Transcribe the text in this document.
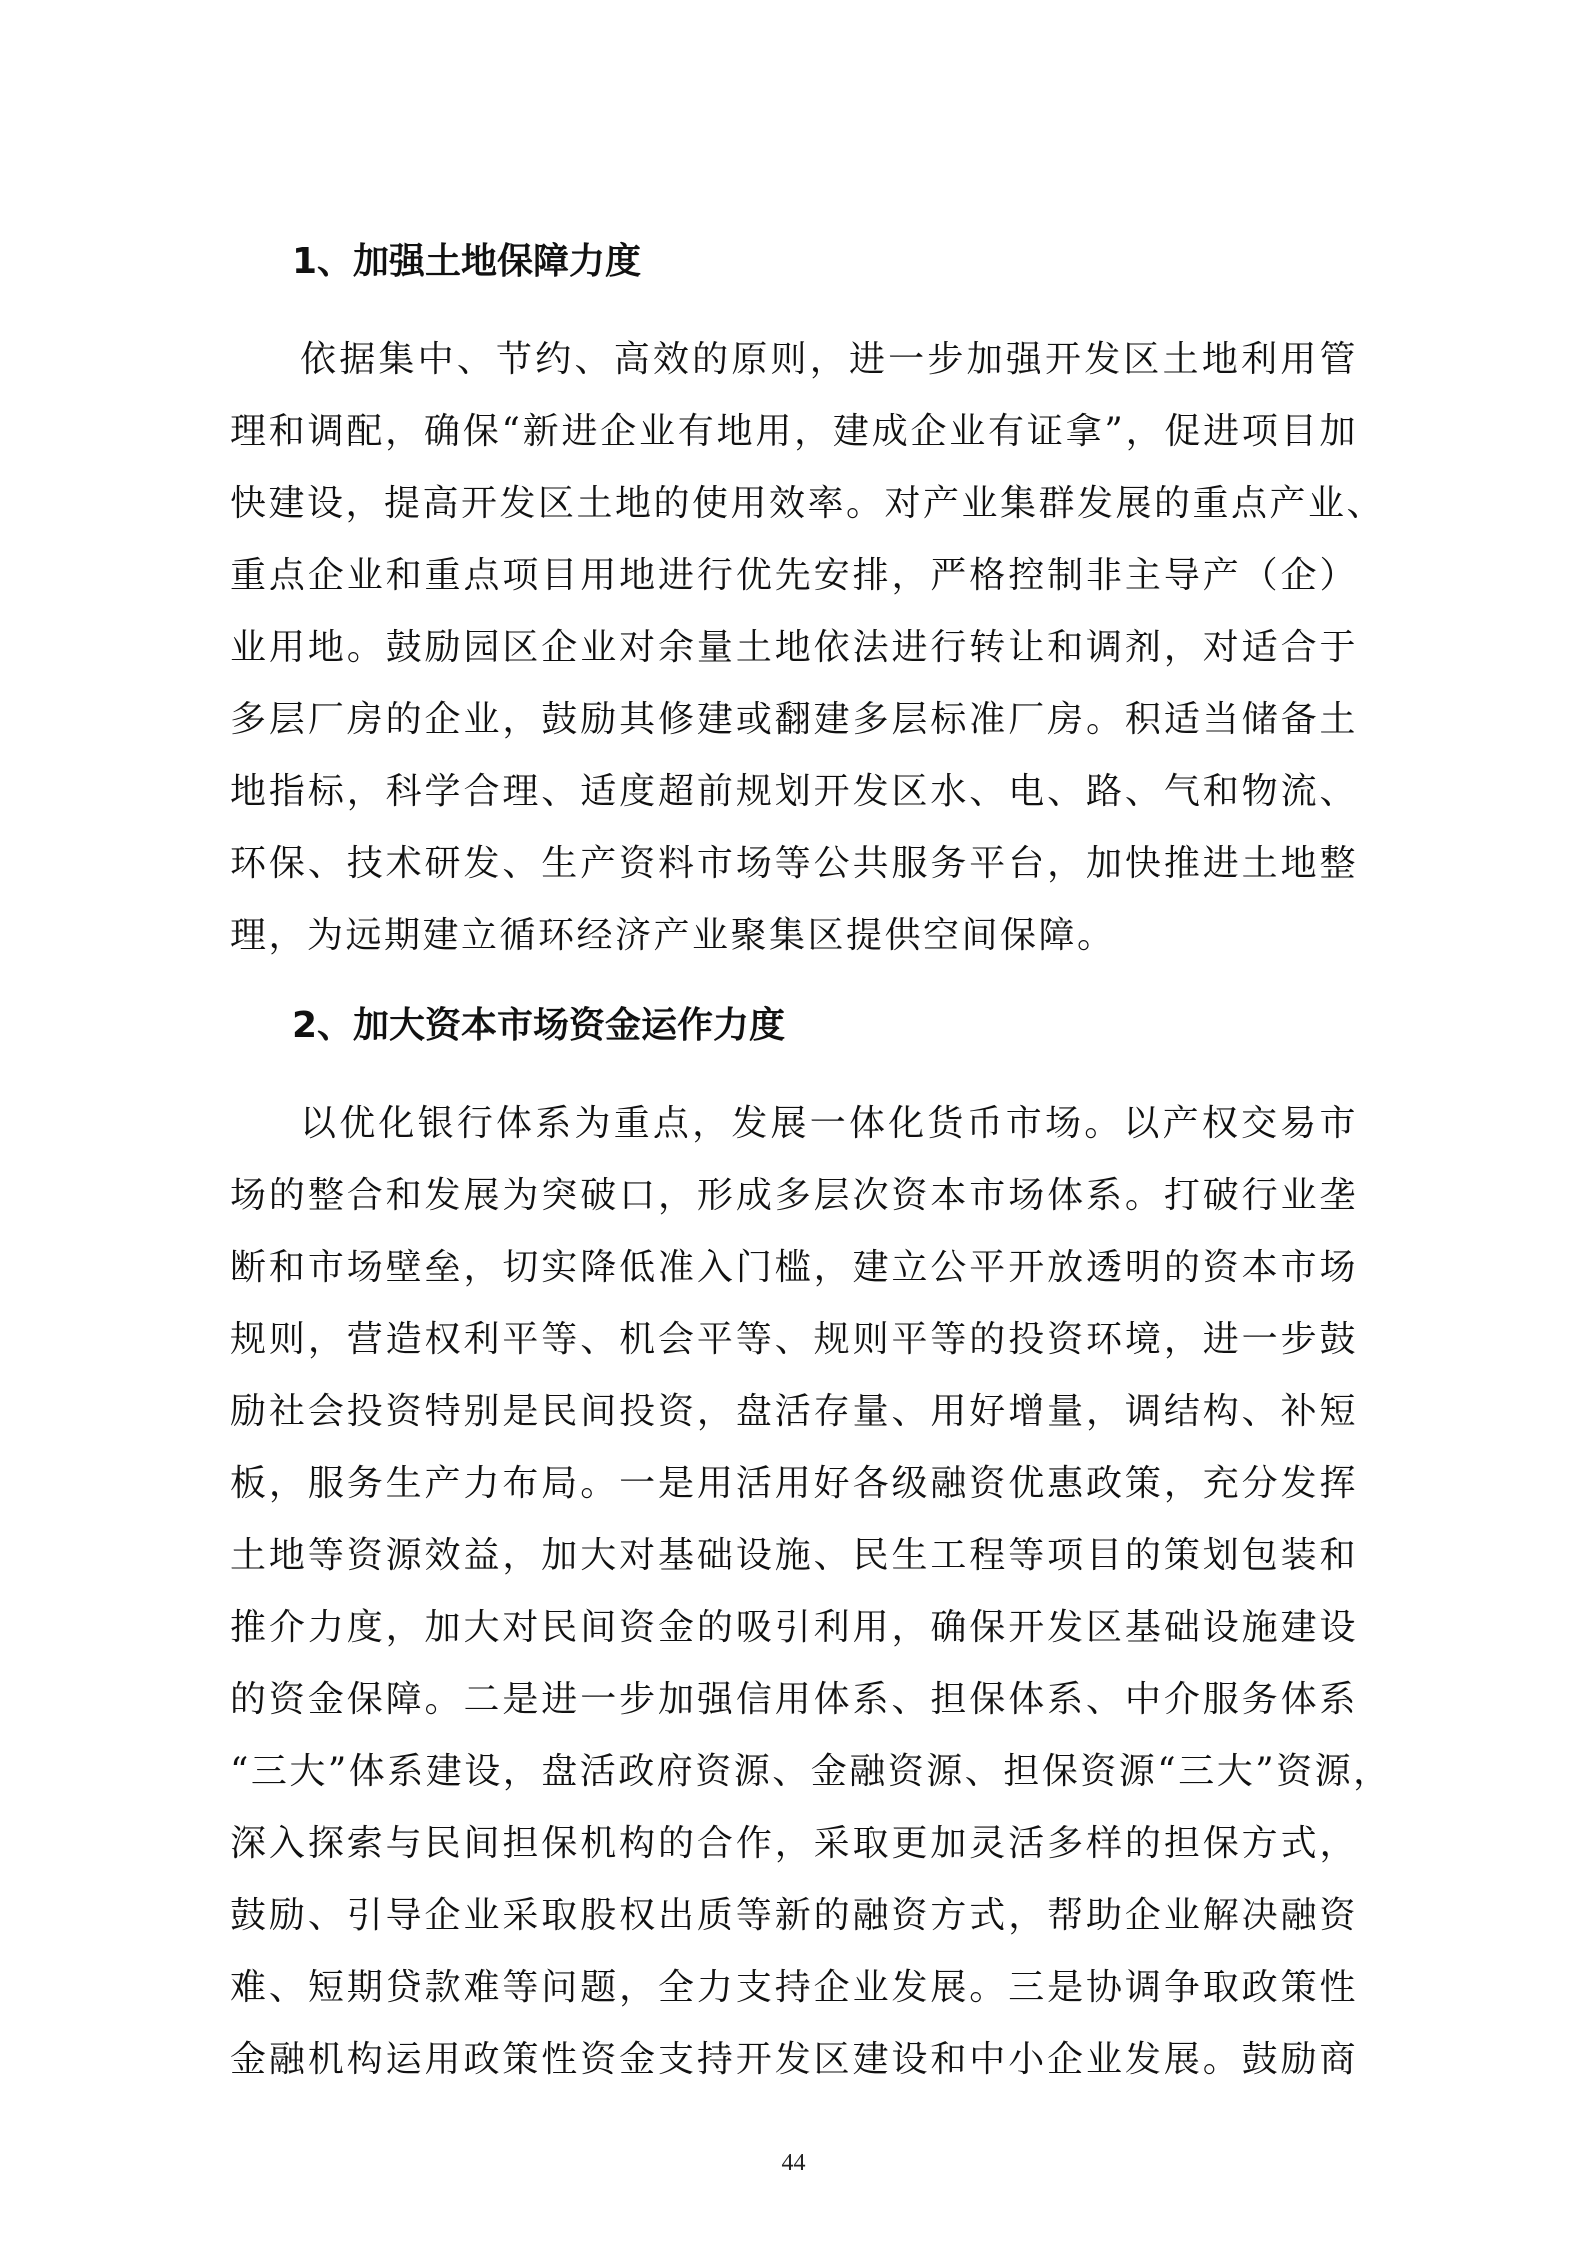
1、加强土地保障力度
依据集中、节约、高效的原则，进一步加强开发区土地利用管
理和调配，确保“新进企业有地用，建成企业有证拿”，促进项目加
快建设，提高开发区土地的使用效率。对产业集群发展的重点产业、
重点企业和重点项目用地进行优先安排，严格控制非主导产（企）
业用地。鼓励园区企业对余量土地依法进行转让和调剂，对适合于
多层厂房的企业，鼓励其修建或翻建多层标准厂房。积适当储备土
地指标，科学合理、适度超前规划开发区水、电、路、气和物流、
环保、技术研发、生产资料市场等公共服务平台，加快推进土地整
理，为远期建立循环经济产业聚集区提供空间保障。
2、加大资本市场资金运作力度
以优化银行体系为重点，发展一体化货币市场。以产权交易市
场的整合和发展为突破口，形成多层次资本市场体系。打破行业垄
断和市场壁垒，切实降低准入门槛，建立公平开放透明的资本市场
规则，营造权利平等、机会平等、规则平等的投资环境，进一步鼓
励社会投资特别是民间投资，盘活存量、用好增量，调结构、补短
板，服务生产力布局。一是用活用好各级融资优惠政策，充分发挥
土地等资源效益，加大对基础设施、民生工程等项目的策划包装和
推介力度，加大对民间资金的吸引利用，确保开发区基础设施建设
的资金保障。二是进一步加强信用体系、担保体系、中介服务体系
“三大”体系建设，盘活政府资源、金融资源、担保资源“三大”资源，
深入探索与民间担保机构的合作，采取更加灵活多样的担保方式，
鼓励、引导企业采取股权出质等新的融资方式，帮助企业解决融资
难、短期贷款难等问题，全力支持企业发展。三是协调争取政策性
金融机构运用政策性资金支持开发区建设和中小企业发展。鼓励商
44
